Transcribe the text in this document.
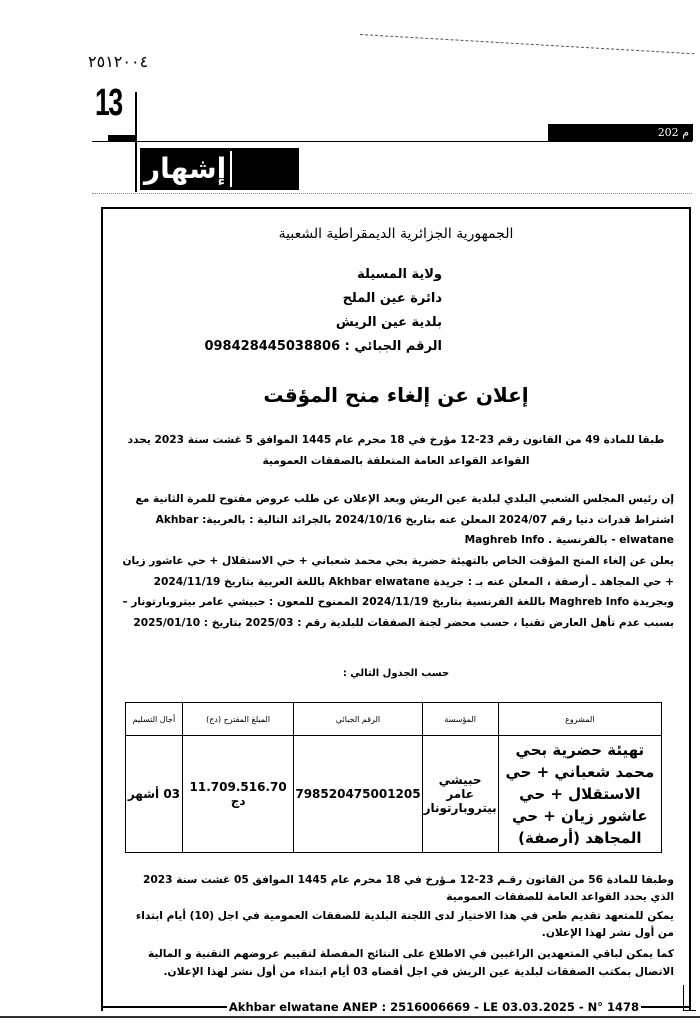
٢٥١٢٠٠٤
13
202 م
إشهار
الجمهورية الجزائرية الديمقراطية الشعبية
ولاية المسيلة
دائرة عين الملح
بلدية عين الريش
الرقم الجبائي : 098428445038806
إعلان عن إلغاء منح المؤقت
طبقا للمادة 49 من القانون رقم 23-12 مؤرخ في 18 محرم عام 1445 الموافق 5 غشت سنة 2023 يحدد القواعد القواعد العامة المتعلقة بالصفقات العمومية
إن رئيس المجلس الشعبي البلدي لبلدية عين الريش وبعد الإعلان عن طلب عروض مفتوح للمرة الثانية مع اشتراط قدرات دنيا رقم 2024/07 المعلن عنه بتاريخ 2024/10/16 بالجرائد التالية : بالعربية: Akhbar elwatane - بالفرنسية . Maghreb Info
يعلن عن إلغاء المنح المؤقت الخاص بالتهيئة حضرية بحي محمد شعباني + حي الاستقلال + حي عاشور زيان + حي المجاهد ـ أرصفة ، المعلن عنه بـ : جريدة Akhbar elwatane باللغة العربية بتاريخ 2024/11/19 وبجريدة Maghreb Info باللغة الفرنسية بتاريخ 2024/11/19 الممنوح للمعون : حبيشي عامر بيتروبارتونار – بسبب عدم تأهل العارض تقنيا ، حسب محضر لجنة الصفقات للبلدية رقم : 2025/03 بتاريخ : 2025/01/10
حسب الجدول التالي :
المشروع	المؤسسة	الرقم الجبائي	المبلغ المقترح (دج)	أجال التسليم
تهيئة حضرية بحي محمد شعباني + حي الاستقلال + حي عاشور زيان + حي المجاهد (أرصفة)	حبيشي عامر بيتروبارتونار	798520475001205	11.709.516.70 دج	03 أشهر
وطبقا للمادة 56 من القانون رقـم 23-12 مـؤرخ في 18 محرم عام 1445 الموافق 05 غشت سنة 2023 الذي يحدد القواعد العامة للصفقات العمومية
يمكن للمتعهد تقديم طعن في هذا الاختيار لدى اللجنة البلدية للصفقات العمومية في اجل (10) أيام ابتداء من أول نشر لهذا الإعلان.
كما يمكن لباقي المتعهدين الراغبين في الاطلاع على النتائج المفصلة لتقييم عروضهم التقنية و المالية الاتصال بمكتب الصفقات لبلدية عين الريش في اجل أقصاه 03 أيام ابتداء من أول نشر لهذا الإعلان.
Akhbar elwatane ANEP : 2516006669 - LE 03.03.2025 - N° 1478
